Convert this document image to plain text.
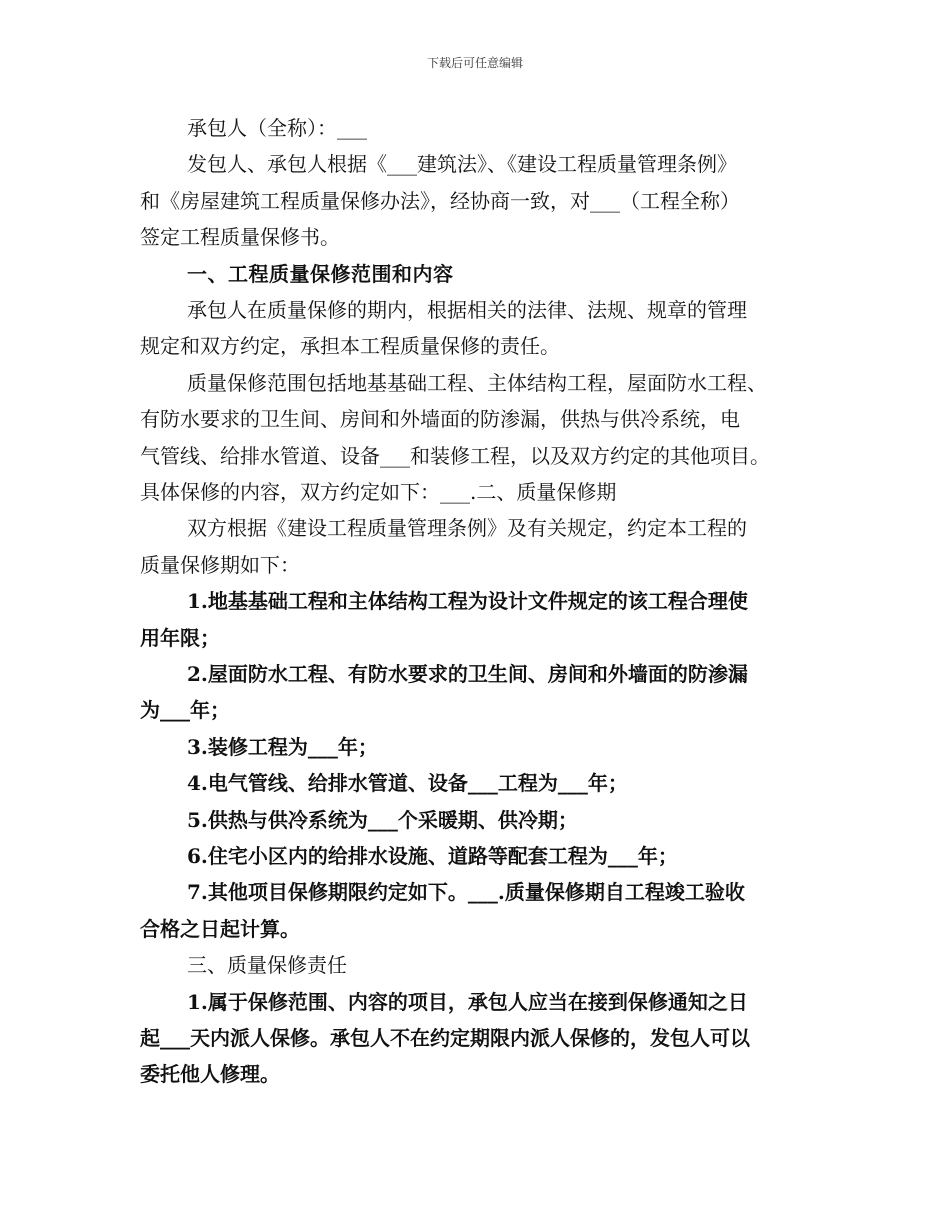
下载后可任意编辑
承包人（全称）：___
发包人、承包人根据《___建筑法》、《建设工程质量管理条例》
和《房屋建筑工程质量保修办法》，经协商一致，对___（工程全称）
签定工程质量保修书。
一、工程质量保修范围和内容
承包人在质量保修的期内，根据相关的法律、法规、规章的管理
规定和双方约定，承担本工程质量保修的责任。
质量保修范围包括地基基础工程、主体结构工程，屋面防水工程、
有防水要求的卫生间、房间和外墙面的防渗漏，供热与供冷系统，电
气管线、给排水管道、设备___和装修工程，以及双方约定的其他项目。
具体保修的内容，双方约定如下：___.二、质量保修期
双方根据《建设工程质量管理条例》及有关规定，约定本工程的
质量保修期如下：
1.地基基础工程和主体结构工程为设计文件规定的该工程合理使
用年限；
2.屋面防水工程、有防水要求的卫生间、房间和外墙面的防渗漏
为___年；
3.装修工程为___年；
4.电气管线、给排水管道、设备___工程为___年；
5.供热与供冷系统为___个采暖期、供冷期；
6.住宅小区内的给排水设施、道路等配套工程为___年；
7.其他项目保修期限约定如下。___.质量保修期自工程竣工验收
合格之日起计算。
三、质量保修责任
1.属于保修范围、内容的项目，承包人应当在接到保修通知之日
起___天内派人保修。承包人不在约定期限内派人保修的，发包人可以
委托他人修理。
